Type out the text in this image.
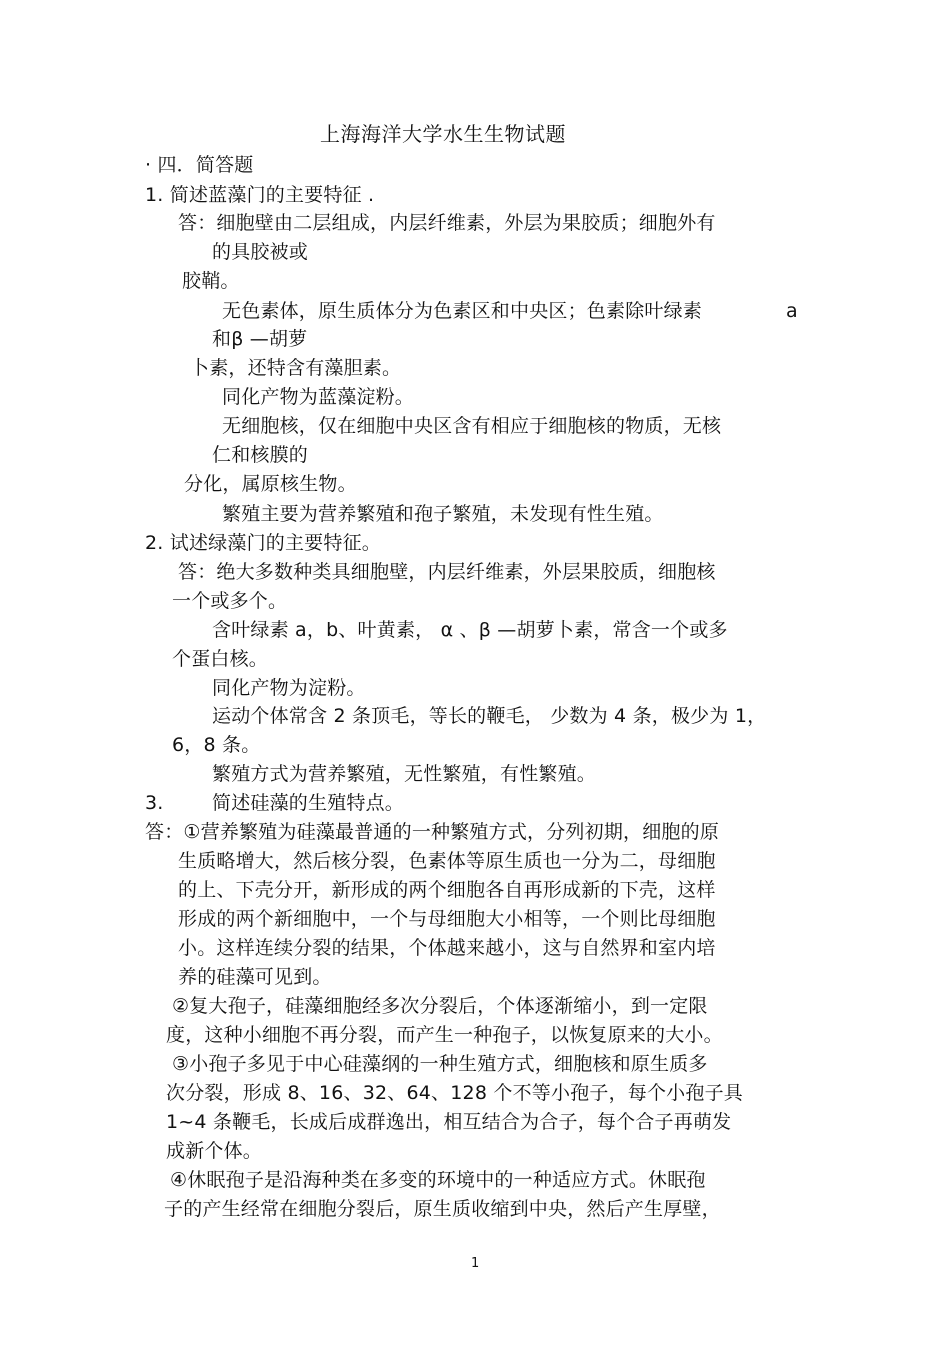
上海海洋大学水生生物试题
· 四．简答题
1. 简述蓝藻门的主要特征 .
答：细胞壁由二层组成，内层纤维素，外层为果胶质；细胞外有
的具胶被或
胶鞘。
无色素体，原生质体分为色素区和中央区；色素除叶绿素	a
和β —胡萝
卜素，还特含有藻胆素。
同化产物为蓝藻淀粉。
无细胞核，仅在细胞中央区含有相应于细胞核的物质，无核
仁和核膜的
分化，属原核生物。
繁殖主要为营养繁殖和孢子繁殖，未发现有性生殖。
2. 试述绿藻门的主要特征。
答：绝大多数种类具细胞壁，内层纤维素，外层果胶质，细胞核
一个或多个。
含叶绿素 a，b、叶黄素， α 、β —胡萝卜素，常含一个或多
个蛋白核。
同化产物为淀粉。
运动个体常含 2 条顶毛，等长的鞭毛， 少数为 4 条，极少为 1，
6，8 条。
繁殖方式为营养繁殖，无性繁殖，有性繁殖。
3.	简述硅藻的生殖特点。
答：①营养繁殖为硅藻最普通的一种繁殖方式，分列初期，细胞的原
生质略增大，然后核分裂，色素体等原生质也一分为二，母细胞
的上、下壳分开，新形成的两个细胞各自再形成新的下壳，这样
形成的两个新细胞中，一个与母细胞大小相等，一个则比母细胞
小。这样连续分裂的结果，个体越来越小，这与自然界和室内培
养的硅藻可见到。
②复大孢子，硅藻细胞经多次分裂后，个体逐渐缩小，到一定限
度，这种小细胞不再分裂，而产生一种孢子，以恢复原来的大小。
③小孢子多见于中心硅藻纲的一种生殖方式，细胞核和原生质多
次分裂，形成 8、16、32、64、128 个不等小孢子，每个小孢子具
1~4 条鞭毛，长成后成群逸出，相互结合为合子，每个合子再萌发
成新个体。
④休眠孢子是沿海种类在多变的环境中的一种适应方式。休眠孢
子的产生经常在细胞分裂后，原生质收缩到中央，然后产生厚壁，
1
